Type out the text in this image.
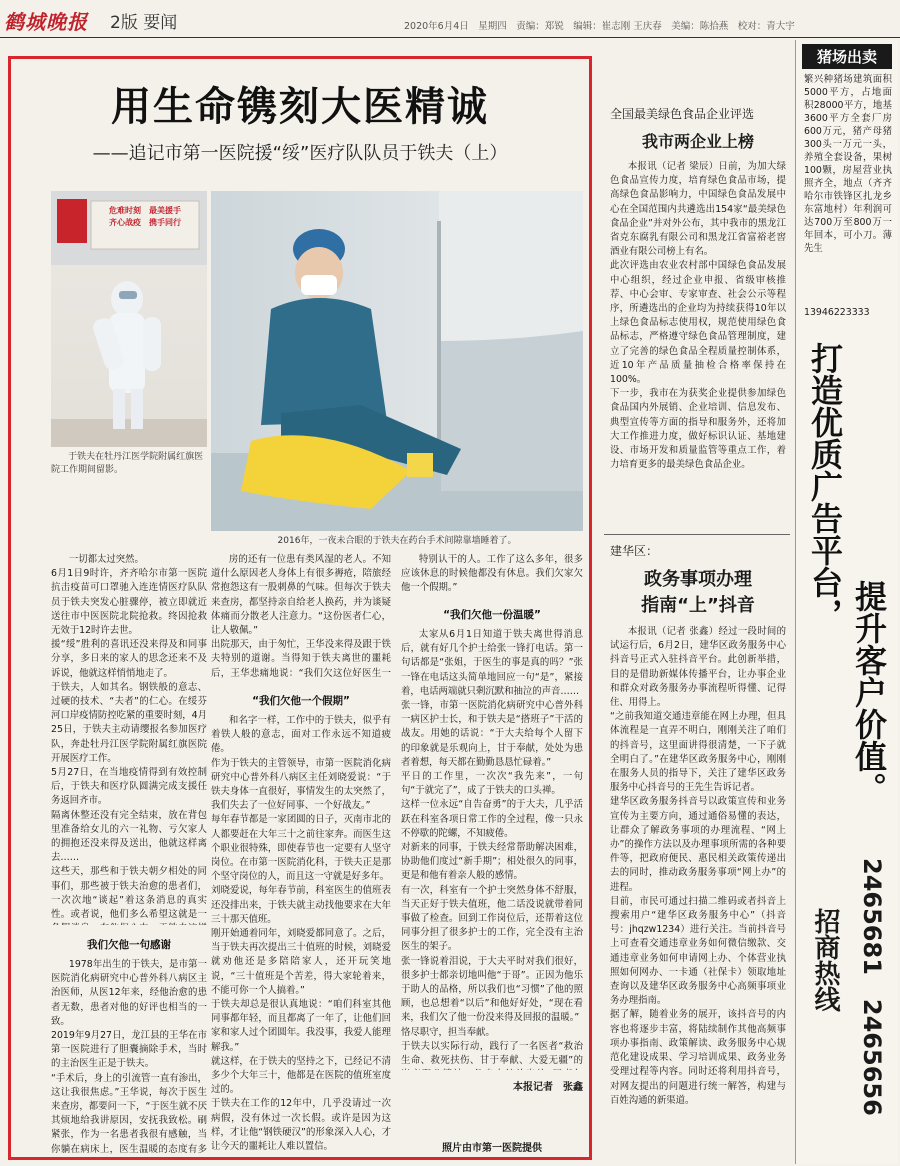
鹤城晚报 2版 要闻	2020年6月4日　星期四　责编：郑锐　编辑：崔志刚 王庆春　美编：陈拾燕　校对：青大宇
用生命镌刻大医精诚
——追记市第一医院援“绥”医疗队队员于铁夫（上）
危难时刻　最美援手
齐心战疫　携手同行
于铁夫在牡丹江医学院附属红旗医院工作期间留影。
2016年，一夜未合眼的于铁夫在药台手术间隙靠墙睡着了。
一切都太过突然。
6月1日9时许，齐齐哈尔市第一医院抗击疫苗可口罩驰入连连情医疗队队员于铁夫突发心脏骤停，被立即就近送往市中医医院北院抢救。终因抢救无效于12时许去世。
援“绥”胜利的喜讯还没来得及和同事分享，多日来的家人的思念还来不及诉说，他就这样悄悄地走了。
于铁夫，人如其名。钢铁般的意志、过硬的技术、“夫者”的仁心。在绥芬河口岸疫情防控吃紧的重要时刻，4月25日，于铁夫主动请缨报名参加医疗队，奔赴牡丹江医学院附属红旗医院开展医疗工作。
5月27日，在当地疫情得到有效控制后，于铁夫和医疗队圆满完成支援任务返回齐市。
隔离休整还没有完全结束，放在背包里准备给女儿的六一礼物、亏欠家人的拥抱还没来得及送出，他就这样离去……
这些天，那些和于铁夫朝夕相处的同事们，那些被于铁夫治愈的患者们，一次次地“谈起”着这条消息的真实性。或者说，他们多么希望这就是一
我们欠他一句感谢
1978年出生的于铁夫，是市第一医院消化病研究中心普外科八病区主治医师，从医12年来，经他治愈的患者无数，患者对他的好评也相当的一致。
2019年9月27日，龙江县的王华在市第一医院进行了胆囊摘除手术，当时的主治医生正是于铁夫。
“手术后，身上的引流管一直有渗出，这让我很焦虑。”王华说，每次于医生来查房，都要问一下，“于医生就不厌其烦地给我讲原因，安抚我致松。刷紧张，作为一名患者我很有感触，当你躺在病床上，医生温暖的态度有多

房的还有一位患有类风湿的老人。不知道什么原因老人身体上有很多褥疮，陪旅经常抱怨这有一股刺鼻的气味。但每次于铁夫来查房，都坚持亲自给老人换药，并为谈疑体痛而分散老人注意力。“这份医者仁心，让人敬佩。”
出院那天，由于匆忙，王华没来得及跟于铁夫特别的道谢。当得知于铁夫离世的噩耗后，王华悲痛地说：“我们欠这位好医生一
“我们欠他一个假期”
和名字一样，工作中的于铁夫，似乎有着铁人般的意志，面对工作永远不知道疲倦。
作为于铁夫的主管领导，市第一医院消化病研究中心普外科八病区主任刘晓爱说：“于铁夫身体一直很好，事情发生的太突然了，我们失去了一位好同事、一个好战友。”
每年春节都是一家团圆的日子，灭南市北的人都要赶在大年三十之前往家奔。而医生这个职业很特殊，即使春节也一定要有人坚守岗位。在市第一医院消化科，于铁夫正是那个坚守岗位的人，而且这一守就是好多年。
刘晓爱说，每年春节前，科室医生的值班表还没排出来，于铁夫就主动找他要求在大年三十那天值班。
刚开始通着同年，刘晓爱都同意了。之后，当于铁夫再次提出三十值班的时候，刘晓爱就劝他还是多陪陪家人，还开玩笑地说，“三十值班是个苦差，得大家轮着来，不能可你一个人搞着。”
于铁夫却总是很认真地说：“咱们科室其他同事都年轻，而且都离了一年了，让他们回家和家人过个团圆年。我没事，我爱人能理解我。”
就这样，在于铁夫的坚持之下，已经记不清多少个大年三十，他都是在医院的值班室度过的。
于铁夫在工作的12年中，几乎没请过一次病假，没有休过一次长假。或许是因为这样，才让他“钢铁硬汉”的形象深入人心，才让今天的噩耗让人难以置信。

特别认干的人。工作了这么多年，很多应该休息的时候他都没有休息。我们欠家欠他一个假期。”
“我们欠他一份温暖”
太家从6月1日知道于铁夫离世得消息后，就有好几个护士给张一锋打电话。第一句话都是“张姐，于医生的事是真的吗？”张一锋在电话这头简单地回应一句“是”，紧接着，电话两端就只剩沉默和抽泣的声音……
张一锋，市第一医院消化病研究中心普外科一病区护士长，和于铁夫是“搭班子”干活的战友。用她的话说：“于大夫给每个人留下的印象就是乐观向上，甘于奉献，处处为患者着想，每天都在勤勤恳恳忙碌着。”
平日的工作里，一次次“我先来”，一句句“于就完了”，成了于铁夫的口头禅。
这样一位永远“自告奋勇”的于大夫，几乎活跃在科室各项日常工作的全过程，像一只永不停歇的陀螺，不知疲倦。
对新来的同事，于铁夫经常帮助解决困难，协助他们度过“新手期”；相处很久的同事，更是和他有着亲人般的感情。
有一次，科室有一个护士突然身体不舒服，当天正好于铁夫值班，他二话没说就带着同事做了检查。回到工作岗位后，还帮着这位同事分担了很多护士的工作，完全没有主治医生的架子。
张一锋说着泪说，于大夫平时对我们很好，很多护士都亲切地叫他“于哥”。正因为他乐于助人的品格，所以我们也“习惯”了他的照顾，也总想着“以后”和他好好处，“现在看来，我们欠了他一份没来得及回报的温暖。”
恪尽职守，担当奉献。
于铁夫以实际行动，践行了一名医者“救治生命、救死扶伤、甘于奉献、大爱无疆”的

本报记者　张鑫
照片由市第一医院提供
全国最美绿色食品企业评选
我市两企业上榜
本报讯（记者 梁辰）日前，为加大绿色食品宣传力度，培育绿色食品市场，提高绿色食品影响力，中国绿色食品发展中心在全国范围内共遴选出154家“最美绿色食品企业”并对外公布，其中我市的黑龙江省克东腐乳有限公司和黑龙江省富裕老窖酒业有限公司榜上有名。
此次评选由农业农村部中国绿色食品发展中心组织，经过企业申报、省级审核推荐、中心会审、专家审查、社会公示等程序，所遴选出的企业均为持续获得10年以上绿色食品标志使用权，规范使用绿色食品标志，严格遵守绿色食品管理制度，建立了完善的绿色食品全程质量控制体系，近10年产品质量抽检合格率保持在100%。
下一步，我市在为获奖企业提供参加绿色食品国内外展销、企业培训、信息发布、典型宣传等方面的指导和服务外，还将加大工作推进力度，做好标识认证、基地建设、市场开发和质量监管等重点工作，着力培育更多的最美绿色食品企业。
建华区：
政务事项办理
指南“上”抖音
本报讯（记者 张鑫）经过一段时间的试运行后，6月2日，建华区政务服务中心抖音号正式入驻抖音平台。此创新举措，目的是借助新媒体传播平台，让办事企业和群众对政务服务办事流程听得懂、记得住、用得上。
“之前我知道交通违章能在网上办理，但具体流程是一直弄不明白，刚刚关注了咱们的抖音号，这里面讲得很清楚，一下子就全明白了。”在建华区政务服务中心，刚刚在服务人员的指导下，关注了建华区政务服务中心抖音号的王先生告诉记者。
建华区政务服务抖音号以政策宣传和业务宣传为主要方向，通过通俗易懂的表达，让群众了解政务事项的办理流程、“网上办”的操作方法以及办理事项所需的各种要件等，把政府便民、惠民相关政策传递出去的同时，推动政务服务事项“网上办”的进程。
目前，市民可通过扫描二维码或者抖音上搜索用户“建华区政务服务中心”（抖音号：jhqzw1234）进行关注。当前抖音号上可查看交通违章业务如何微信缴款、交通违章业务如何申请网上办、个体营业执照如何网办、一卡通（社保卡）领取地址查询以及建华区政务服务中心高频事项业务办理指南。
据了解，随着业务的展开，该抖音号的内容也将逐步丰富，将陆续制作其他高频事项办事指南、政策解读、政务服务中心规范化建设成果、学习培训成果、政务业务受理过程等内容。同时还将利用抖音号，对网友提出的问题进行统一解答，构建与百姓沟通的新渠道。
猪场出卖
繁兴种猪场建筑面积5000平方，占地面积28000平方，地基3600平方全套厂房600万元，猪产母猪300头一万元一头，养殖全套设备，果树100颗，房屋营业执照齐全，地点（齐齐哈尔市铁锋区扎龙乡东富地村）年利润可达700万至800万一年回本，可小刀。薄先生
13946223333
打造优质广告平台，
提升客户价值。
招商热线 2465681　2465656
